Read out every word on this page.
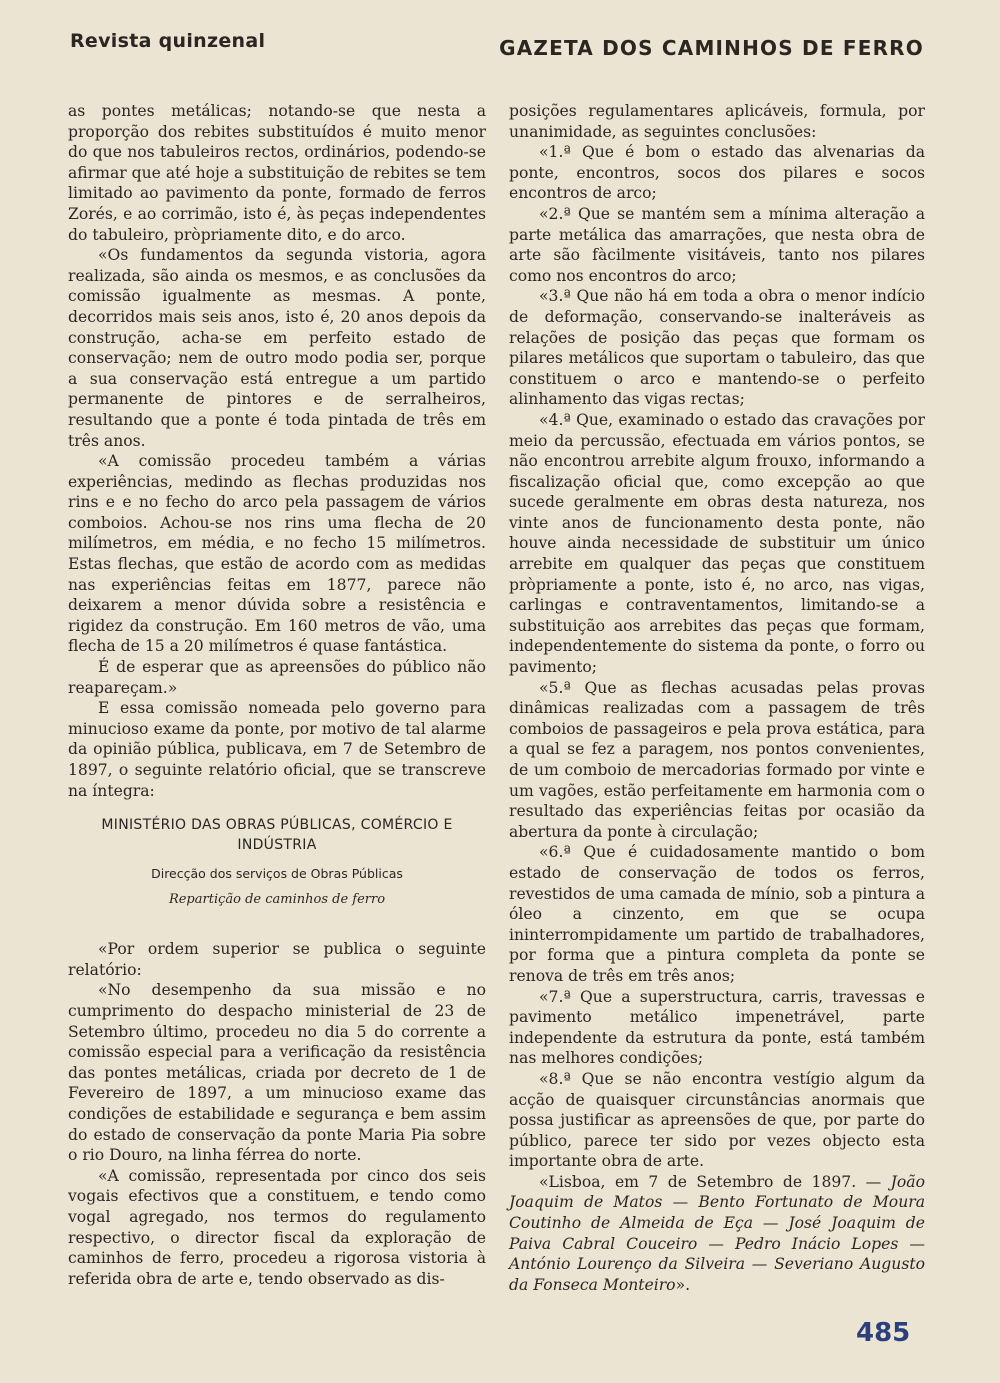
Revista quinzenal	GAZETA DOS CAMINHOS DE FERRO

as pontes metálicas; notando-se que nesta a proporção dos rebites substituídos é muito menor do que nos tabuleiros rectos, ordinários, podendo-se afirmar que até hoje a substituição de rebites se tem limitado ao pavimento da ponte, formado de ferros Zorés, e ao corrimão, isto é, às peças independentes do tabuleiro, pròpriamente dito, e do arco.

«Os fundamentos da segunda vistoria, agora realizada, são ainda os mesmos, e as conclusões da comissão igualmente as mesmas. A ponte, decorridos mais seis anos, isto é, 20 anos depois da construção, acha-se em perfeito estado de conservação; nem de outro modo podia ser, porque a sua conservação está entregue a um partido permanente de pintores e de serralheiros, resultando que a ponte é toda pintada de três em três anos.

«A comissão procedeu também a várias experiências, medindo as flechas produzidas nos rins e e no fecho do arco pela passagem de vários comboios. Achou-se nos rins uma flecha de 20 milímetros, em média, e no fecho 15 milímetros. Estas flechas, que estão de acordo com as medidas nas experiências feitas em 1877, parece não deixarem a menor dúvida sobre a resistência e rigidez da construção. Em 160 metros de vão, uma flecha de 15 a 20 milímetros é quase fantástica.

É de esperar que as apreensões do público não reapareçam.»

E essa comissão nomeada pelo governo para minucioso exame da ponte, por motivo de tal alarme da opinião pública, publicava, em 7 de Setembro de 1897, o seguinte relatório oficial, que se transcreve na íntegra:

MINISTÉRIO DAS OBRAS PÚBLICAS, COMÉRCIO E INDÚSTRIA

Direcção dos serviços de Obras Públicas

Repartição de caminhos de ferro

«Por ordem superior se publica o seguinte relatório:

«No desempenho da sua missão e no cumprimento do despacho ministerial de 23 de Setembro último, procedeu no dia 5 do corrente a comissão especial para a verificação da resistência das pontes metálicas, criada por decreto de 1 de Fevereiro de 1897, a um minucioso exame das condições de estabilidade e segurança e bem assim do estado de conservação da ponte Maria Pia sobre o rio Douro, na linha férrea do norte.

«A comissão, representada por cinco dos seis vogais efectivos que a constituem, e tendo como vogal agregado, nos termos do regulamento respectivo, o director fiscal da exploração de caminhos de ferro, procedeu a rigorosa vistoria à referida obra de arte e, tendo observado as dis-

posições regulamentares aplicáveis, formula, por unanimidade, as seguintes conclusões:

«1.ª Que é bom o estado das alvenarias da ponte, encontros, socos dos pilares e socos encontros de arco;

«2.ª Que se mantém sem a mínima alteração a parte metálica das amarrações, que nesta obra de arte são fàcilmente visitáveis, tanto nos pilares como nos encontros do arco;

«3.ª Que não há em toda a obra o menor indício de deformação, conservando-se inalteráveis as relações de posição das peças que formam os pilares metálicos que suportam o tabuleiro, das que constituem o arco e mantendo-se o perfeito alinhamento das vigas rectas;

«4.ª Que, examinado o estado das cravações por meio da percussão, efectuada em vários pontos, se não encontrou arrebite algum frouxo, informando a fiscalização oficial que, como excepção ao que sucede geralmente em obras desta natureza, nos vinte anos de funcionamento desta ponte, não houve ainda necessidade de substituir um único arrebite em qualquer das peças que constituem pròpriamente a ponte, isto é, no arco, nas vigas, carlingas e contraventamentos, limitando-se a substituição aos arrebites das peças que formam, independentemente do sistema da ponte, o forro ou pavimento;

«5.ª Que as flechas acusadas pelas provas dinâmicas realizadas com a passagem de três comboios de passageiros e pela prova estática, para a qual se fez a paragem, nos pontos convenientes, de um comboio de mercadorias formado por vinte e um vagões, estão perfeitamente em harmonia com o resultado das experiências feitas por ocasião da abertura da ponte à circulação;

«6.ª Que é cuidadosamente mantido o bom estado de conservação de todos os ferros, revestidos de uma camada de mínio, sob a pintura a óleo a cinzento, em que se ocupa ininterrompidamente um partido de trabalhadores, por forma que a pintura completa da ponte se renova de três em três anos;

«7.ª Que a superstructura, carris, travessas e pavimento metálico impenetrável, parte independente da estrutura da ponte, está também nas melhores condições;

«8.ª Que se não encontra vestígio algum da acção de quaisquer circunstâncias anormais que possa justificar as apreensões de que, por parte do público, parece ter sido por vezes objecto esta importante obra de arte.

«Lisboa, em 7 de Setembro de 1897. — João Joaquim de Matos — Bento Fortunato de Moura Coutinho de Almeida de Eça — José Joaquim de Paiva Cabral Couceiro — Pedro Inácio Lopes — António Lourenço da Silveira — Severiano Augusto da Fonseca Monteiro».

485
